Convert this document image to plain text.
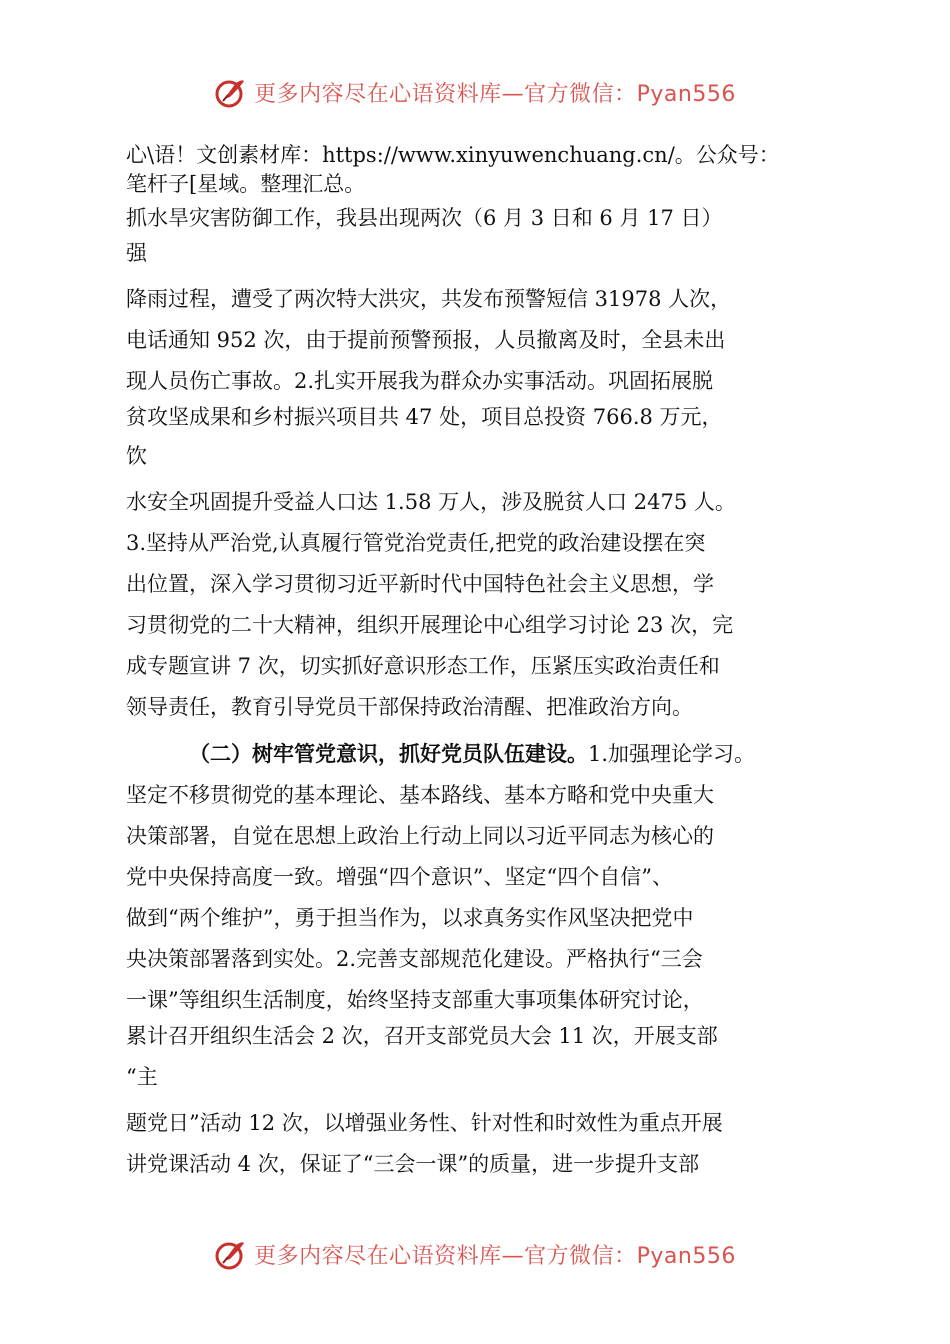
更多内容尽在心语资料库—官方微信：Pyan556
心\语！文创素材库：https://www.xinyuwenchuang.cn/。公众号：
笔杆子[星域。整理汇总。
抓水旱灾害防御工作，我县出现两次（6 月 3 日和 6 月 17 日）
强
降雨过程，遭受了两次特大洪灾，共发布预警短信 31978 人次，
电话通知 952 次，由于提前预警预报，人员撤离及时，全县未出
现人员伤亡事故。2.扎实开展我为群众办实事活动。巩固拓展脱
贫攻坚成果和乡村振兴项目共 47 处，项目总投资 766.8 万元，
饮
水安全巩固提升受益人口达 1.58 万人，涉及脱贫人口 2475 人。
3.坚持从严治党,认真履行管党治党责任,把党的政治建设摆在突
出位置，深入学习贯彻习近平新时代中国特色社会主义思想，学
习贯彻党的二十大精神，组织开展理论中心组学习讨论 23 次，完
成专题宣讲 7 次，切实抓好意识形态工作，压紧压实政治责任和
领导责任，教育引导党员干部保持政治清醒、把准政治方向。
（二）树牢管党意识，抓好党员队伍建设。1.加强理论学习。
坚定不移贯彻党的基本理论、基本路线、基本方略和党中央重大
决策部署，自觉在思想上政治上行动上同以习近平同志为核心的
党中央保持高度一致。增强“四个意识”、坚定“四个自信”、
做到“两个维护”，勇于担当作为，以求真务实作风坚决把党中
央决策部署落到实处。2.完善支部规范化建设。严格执行“三会
一课”等组织生活制度，始终坚持支部重大事项集体研究讨论，
累计召开组织生活会 2 次，召开支部党员大会 11 次，开展支部
“主
题党日”活动 12 次，以增强业务性、针对性和时效性为重点开展
讲党课活动 4 次，保证了“三会一课”的质量，进一步提升支部
更多内容尽在心语资料库—官方微信：Pyan556
